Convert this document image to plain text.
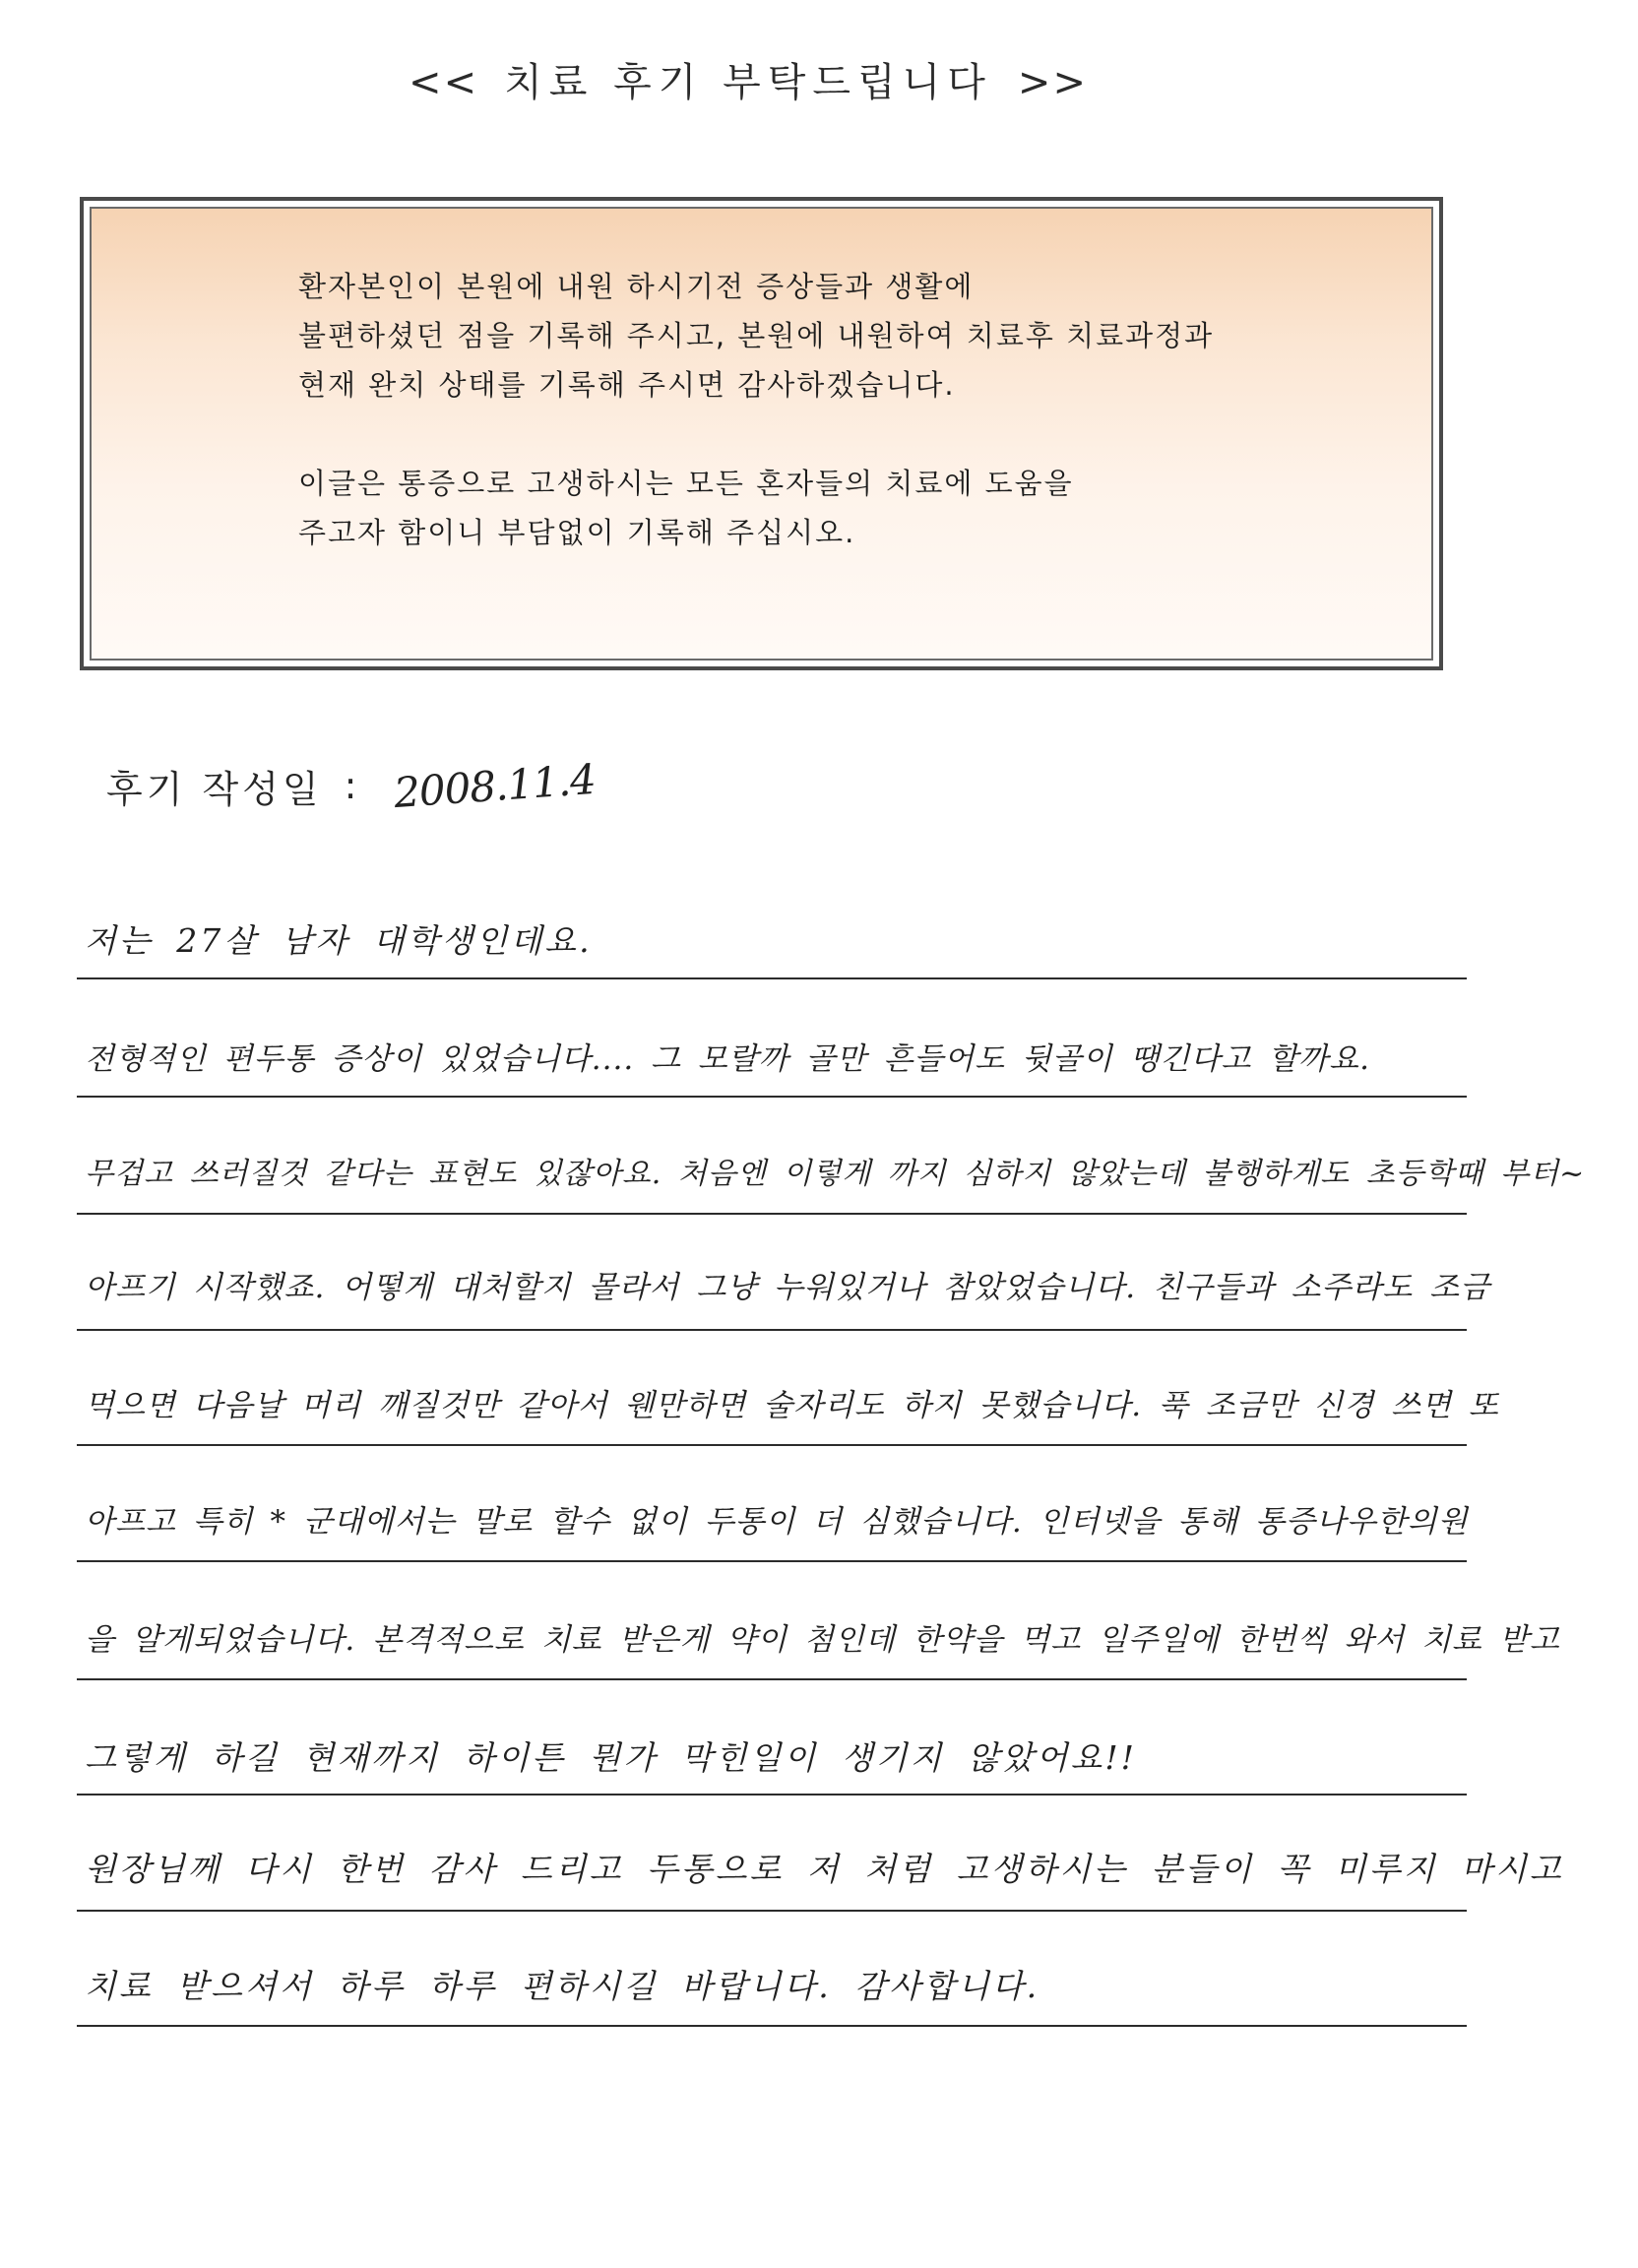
<< 치료 후기 부탁드립니다 >>
환자본인이 본원에 내원 하시기전 증상들과 생활에
불편하셨던 점을 기록해 주시고, 본원에 내원하여 치료후 치료과정과
현재 완치 상태를 기록해 주시면 감사하겠습니다.
이글은 통증으로 고생하시는 모든 혼자들의 치료에 도움을
주고자 함이니 부담없이 기록해 주십시오.
후기 작성일 : 2008.11.4
저는 27살 남자 대학생인데요.
전형적인 편두통 증상이 있었습니다.... 그 모랄까 골만 흔들어도 뒷골이 땡긴다고 할까요.
무겁고 쓰러질것 같다는 표현도 있잖아요. 처음엔 이렇게 까지 심하지 않았는데 불행하게도 초등학때 부터~
아프기 시작했죠. 어떻게 대처할지 몰라서 그냥 누워있거나 참았었습니다. 친구들과 소주라도 조금
먹으면 다음날 머리 깨질것만 같아서 웬만하면 술자리도 하지 못했습니다. 푹 조금만 신경 쓰면 또
아프고 특히 * 군대에서는 말로 할수 없이 두통이 더 심했습니다. 인터넷을 통해 통증나우한의원
을 알게되었습니다. 본격적으로 치료 받은게 약이 첨인데 한약을 먹고 일주일에 한번씩 와서 치료 받고
그렇게 하길 현재까지 하이튼 뭔가 막힌일이 생기지 않았어요!!
원장님께 다시 한번 감사 드리고 두통으로 저 처럼 고생하시는 분들이 꼭 미루지 마시고
치료 받으셔서 하루 하루 편하시길 바랍니다. 감사합니다.
